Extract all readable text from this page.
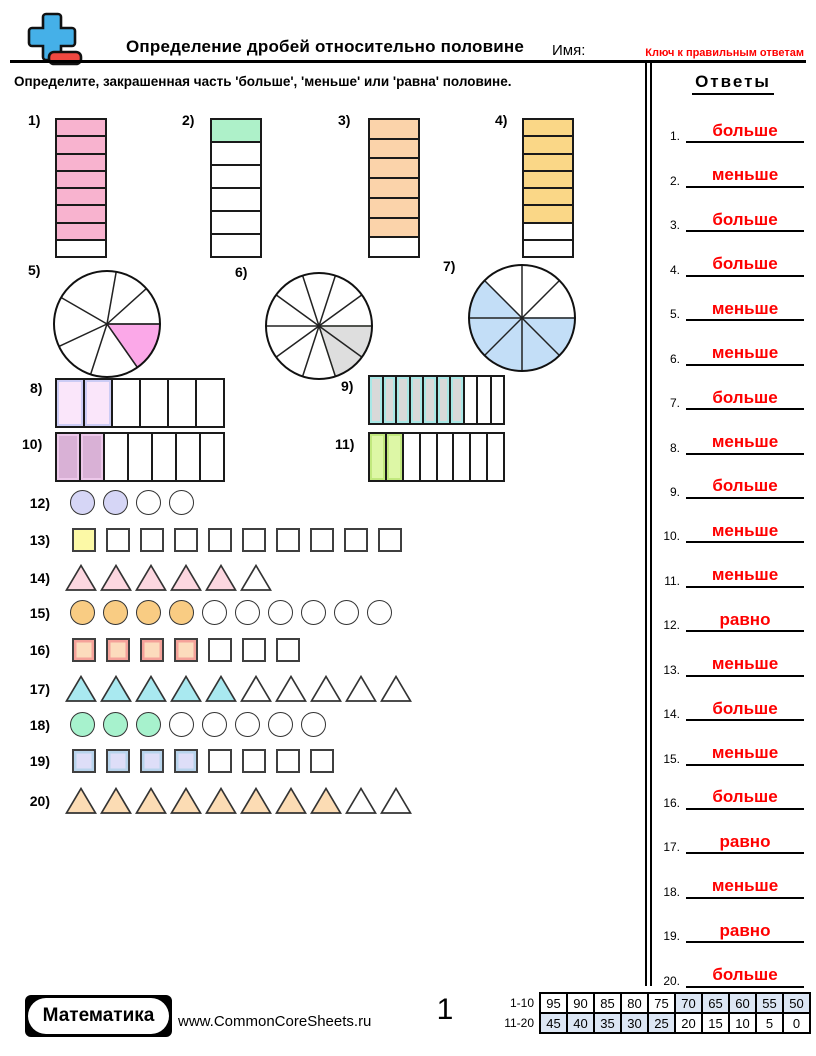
Определение дробей относительно половине	Имя:	Ключ к правильным ответам
Определите, закрашенная часть 'больше', 'меньше' или 'равна' половине.	Ответы
1.	больше
2.	меньше
3.	больше
4.	больше
5.	меньше
6.	меньше
7.	больше
8.	меньше
9.	больше
10.	меньше
11.	меньше
12.	равно
13.	меньше
14.	больше
15.	меньше
16.	больше
17.	равно
18.	меньше
19.	равно
20.	больше
1)	2)	3)	4)
5)	6)	7)
8)	9)
10)	11)
12)
13)
14)
15)
16)
17)
18)
19)
20)
Математика	www.CommonCoreSheets.ru	1	1-10	95	90	85	80	75	70	65	60	55	50
11-20	45	40	35	30	25	20	15	10	5	0
